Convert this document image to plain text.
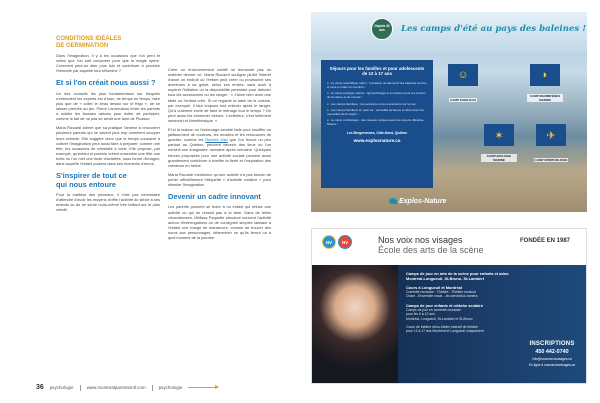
CONDITIONS IDÉALES
DE GERMINATION

Dans l'imagination, il y a les occasions que l'on perd et celles que l'on sait composer pour que la magie opère. Comment peut-on aller plus loin et contribuer à produire l'étincelle par laquelle tout s'illumine ?

Et si l'on créait nous aussi ?

Un des conseils les plus fondamentaux sur lesquels s'entendent les experts est d'oser, de temps en temps, faire plus que de « coller le beau dessin sur le frigo », de se laisser prendre au jeu. Pierre Laurendeau invite les parents à oublier les fausses raisons pour éviter de participer, comme le fait de ne pas se sentir une âme de Picasso.

Maria Riccardi admet que sa pratique l'amène à rencontrer plusieurs parents qui ne savent plus trop comment occuper leurs enfants. Elle suggère donc que le temps consacré à cultiver l'imagination peut aussi faire à préparer, comme une fête, les occasions de créativité à venir. Elle propose, par exemple, qu'enfant et parents créent ensemble une fête une boîte où l'on met une foule d'activités, sous forme d'images, dans laquelle l'enfant puisera dans ses moments d'ennui.

S'inspirer de tout ce
qui nous entoure

Pour la maîtrise des pinceaux, il n'est pas nécessaire d'attendre d'avoir les moyens d'offrir l'activité du siècle à ses enfants ou de se sentir nous-même très brillant sur le plan créatif.

Créer un environnement créatif ne demande pas du matériel dernier cri. Maria Riccardi souligne plutôt l'intérêt d'avoir un endroit où l'enfant peut créer ou poursuivre ses aventures à sa guise, selon ses envies, sans avoir à espérer l'initiative ou la disponibilité parentale pour débuter tous les accessoires ou les ranger : « J'aime bien avoir une table où l'enfant crée. Si on regarde la table de la cuisine, par exemple, il faut toujours tout enlever après le ranger. Qu'à vraiment envie de faire le ménage tout le temps ? On peut aussi les emmener dehors. L'extérieur, c'est tellement sensoriel et kinesthésique. »

Et si la maison ou l'entourage semble fade pour insuffler un jaillissement de couleurs, les musées et les ressources de quartier, comme les Ruches d'art que l'on trouve un peu partout au Québec, peuvent devenir des lieux où l'on enrichit son imaginaire, semaine après semaine. Quelques heures proposées pour une activité sociale peuvent aussi grandement contribuer à éveiller la fierté et l'inspiration des créateurs en herbe.

Maria Riccardi mentionne qu'une activité n'a pas besoin de porter officiellement l'étiquette « d'activité créative » pour stimuler l'imagination.

Devenir un cadre innovant

Les parents peuvent se buter à un enfant qui refuse une activité ou qui ne réussit pas à la faire. Dans de telles circonstances, Mélissa Paquette structure souvent l'activité autour d'interrogations ou de consignes simples laissant à l'enfant une marge de manœuvre, comme de trouver des noms aux personnages, déterminer ce qu'ils feront ou à quel moment de la journée.

36 psychologie	www.montrealparentsmtl.com	psychologie
Depuis 40 ans	Les camps d'été au pays des baleines !
Séjours pour les familles et pour adolescents de 12 à 17 ans
● Le camp scientifique marin : l'occasion de découvrir les baleines comme si vous en étiez un membre !
● Le camp écologie marine : apprentissage et immersion pour les curieux de la nature et du monde !
● Les camps familiaux : les aventures et les excursions sur la mer.
● Les camps familiaux en plein air : accueillis au fleuve et découvrez les merveilles de la région !
● Le camp ornithologie : des oiseaux uniques avec les experts d'Explos-Nature !
Les Bergeronnes, Côte-Nord, Québec
www.explosnature.ca
☺
CAMP FAMILIAUX
◗
CAMP MAMMIFÈRES MARINS
✶
CAMP BIOLOGIE MARINE
✈
CAMP ORNITHOLOGIE
Explos-Nature
NV	NV	Nos voix nos visages
École des arts de la scène
FONDÉE EN 1987
Camps de jour en arts de la scène pour enfants et ados.
Montréal-Longueuil- St-Bruno- St-Lambert
Cours à Longueuil et Montréal
Comédie musicale - Théâtre - Théâtre musical
Chant - Ensemble vocal - Jeu devant la caméra
Camps de jour enfants et relâche scolaire
Camps de jour en comédie musicale
pour les 6 à 12 ans
Montréal, Longueuil, St-Lambert et St-Bruno
Cours de théâtre et/ou Atelier intensif de théâtre
pour 13 à 17 ans Montréal et Longueuil uniquement
INSCRIPTIONS
450 442-0740
info@nosvoixnosvisages.ca
En ligne à nosvoixnosvisages.ca
